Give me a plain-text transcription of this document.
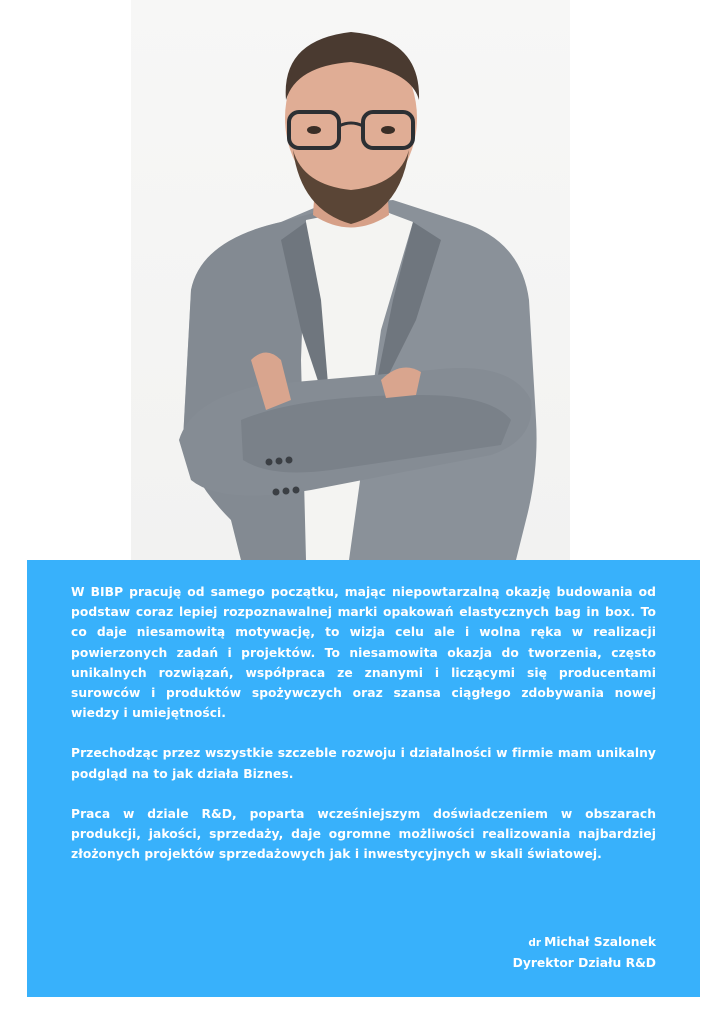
W BIBP pracuję od samego początku, mając niepowtarzalną okazję budowania od podstaw coraz lepiej rozpoznawalnej marki opakowań elastycznych bag in box. To co daje niesamowitą motywację, to wizja celu ale i wolna ręka w realizacji powierzonych zadań i projektów. To niesamowita okazja do tworzenia, często unikalnych rozwiązań, współpraca ze znanymi i liczącymi się producentami surowców i produktów spożywczych oraz szansa ciągłego zdobywania nowej wiedzy i umiejętności.

Przechodząc przez wszystkie szczeble rozwoju i działalności w firmie mam unikalny podgląd na to jak działa Biznes.

Praca w dziale R&D, poparta wcześniejszym doświadczeniem w obszarach produkcji, jakości, sprzedaży, daje ogromne możliwości realizowania najbardziej złożonych projektów sprzedażowych jak i inwestycyjnych w skali światowej.

dr Michał Szalonek
Dyrektor Działu R&D
